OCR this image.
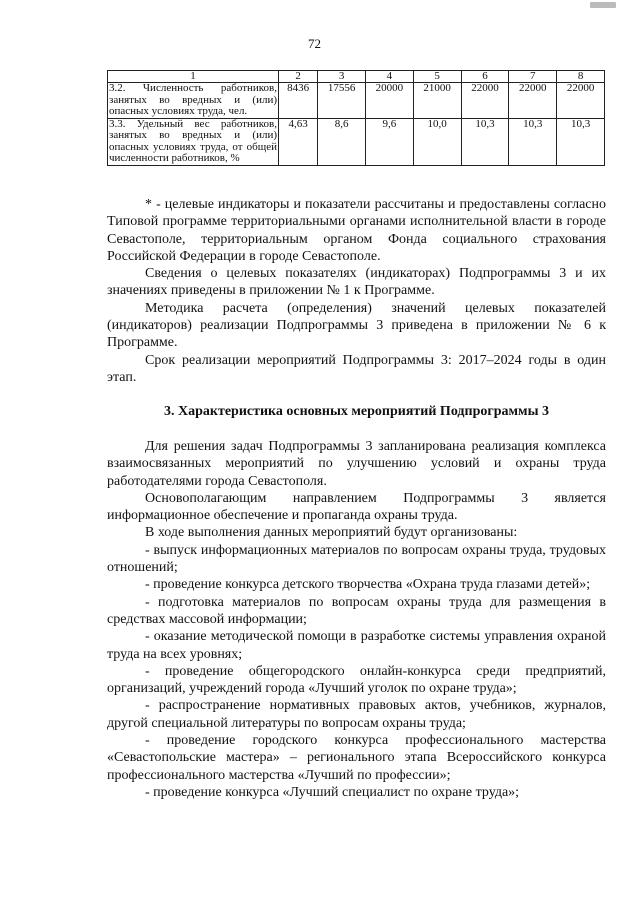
72
1	2	3	4	5	6	7	8
3.2. Численность работников, занятых во вредных и (или) опасных условиях труда, чел.	8436	17556	20000	21000	22000	22000	22000
3.3. Удельный вес работников, занятых во вредных и (или) опасных условиях труда, от общей численности работников, %	4,63	8,6	9,6	10,0	10,3	10,3	10,3

* - целевые индикаторы и показатели рассчитаны и предоставлены согласно Типовой программе территориальными органами исполнительной власти в городе Севастополе, территориальным органом Фонда социального страхования Российской Федерации в городе Севастополе.

Сведения о целевых показателях (индикаторах) Подпрограммы 3 и их значениях приведены в приложении № 1 к Программе.

Методика расчета (определения) значений целевых показателей (индикаторов) реализации Подпрограммы 3 приведена в приложении № 6 к Программе.

Срок реализации мероприятий Подпрограммы 3: 2017–2024 годы в один этап.

3. Характеристика основных мероприятий Подпрограммы 3

Для решения задач Подпрограммы 3 запланирована реализация комплекса взаимосвязанных мероприятий по улучшению условий и охраны труда работодателями города Севастополя.

Основополагающим направлением Подпрограммы 3 является информационное обеспечение и пропаганда охраны труда.

В ходе выполнения данных мероприятий будут организованы:

- выпуск информационных материалов по вопросам охраны труда, трудовых отношений;

- проведение конкурса детского творчества «Охрана труда глазами детей»;

- подготовка материалов по вопросам охраны труда для размещения в средствах массовой информации;

- оказание методической помощи в разработке системы управления охраной труда на всех уровнях;

- проведение общегородского онлайн-конкурса среди предприятий, организаций, учреждений города «Лучший уголок по охране труда»;

- распространение нормативных правовых актов, учебников, журналов, другой специальной литературы по вопросам охраны труда;

- проведение городского конкурса профессионального мастерства «Севастопольские мастера» – регионального этапа Всероссийского конкурса профессионального мастерства «Лучший по профессии»;

- проведение конкурса «Лучший специалист по охране труда»;
